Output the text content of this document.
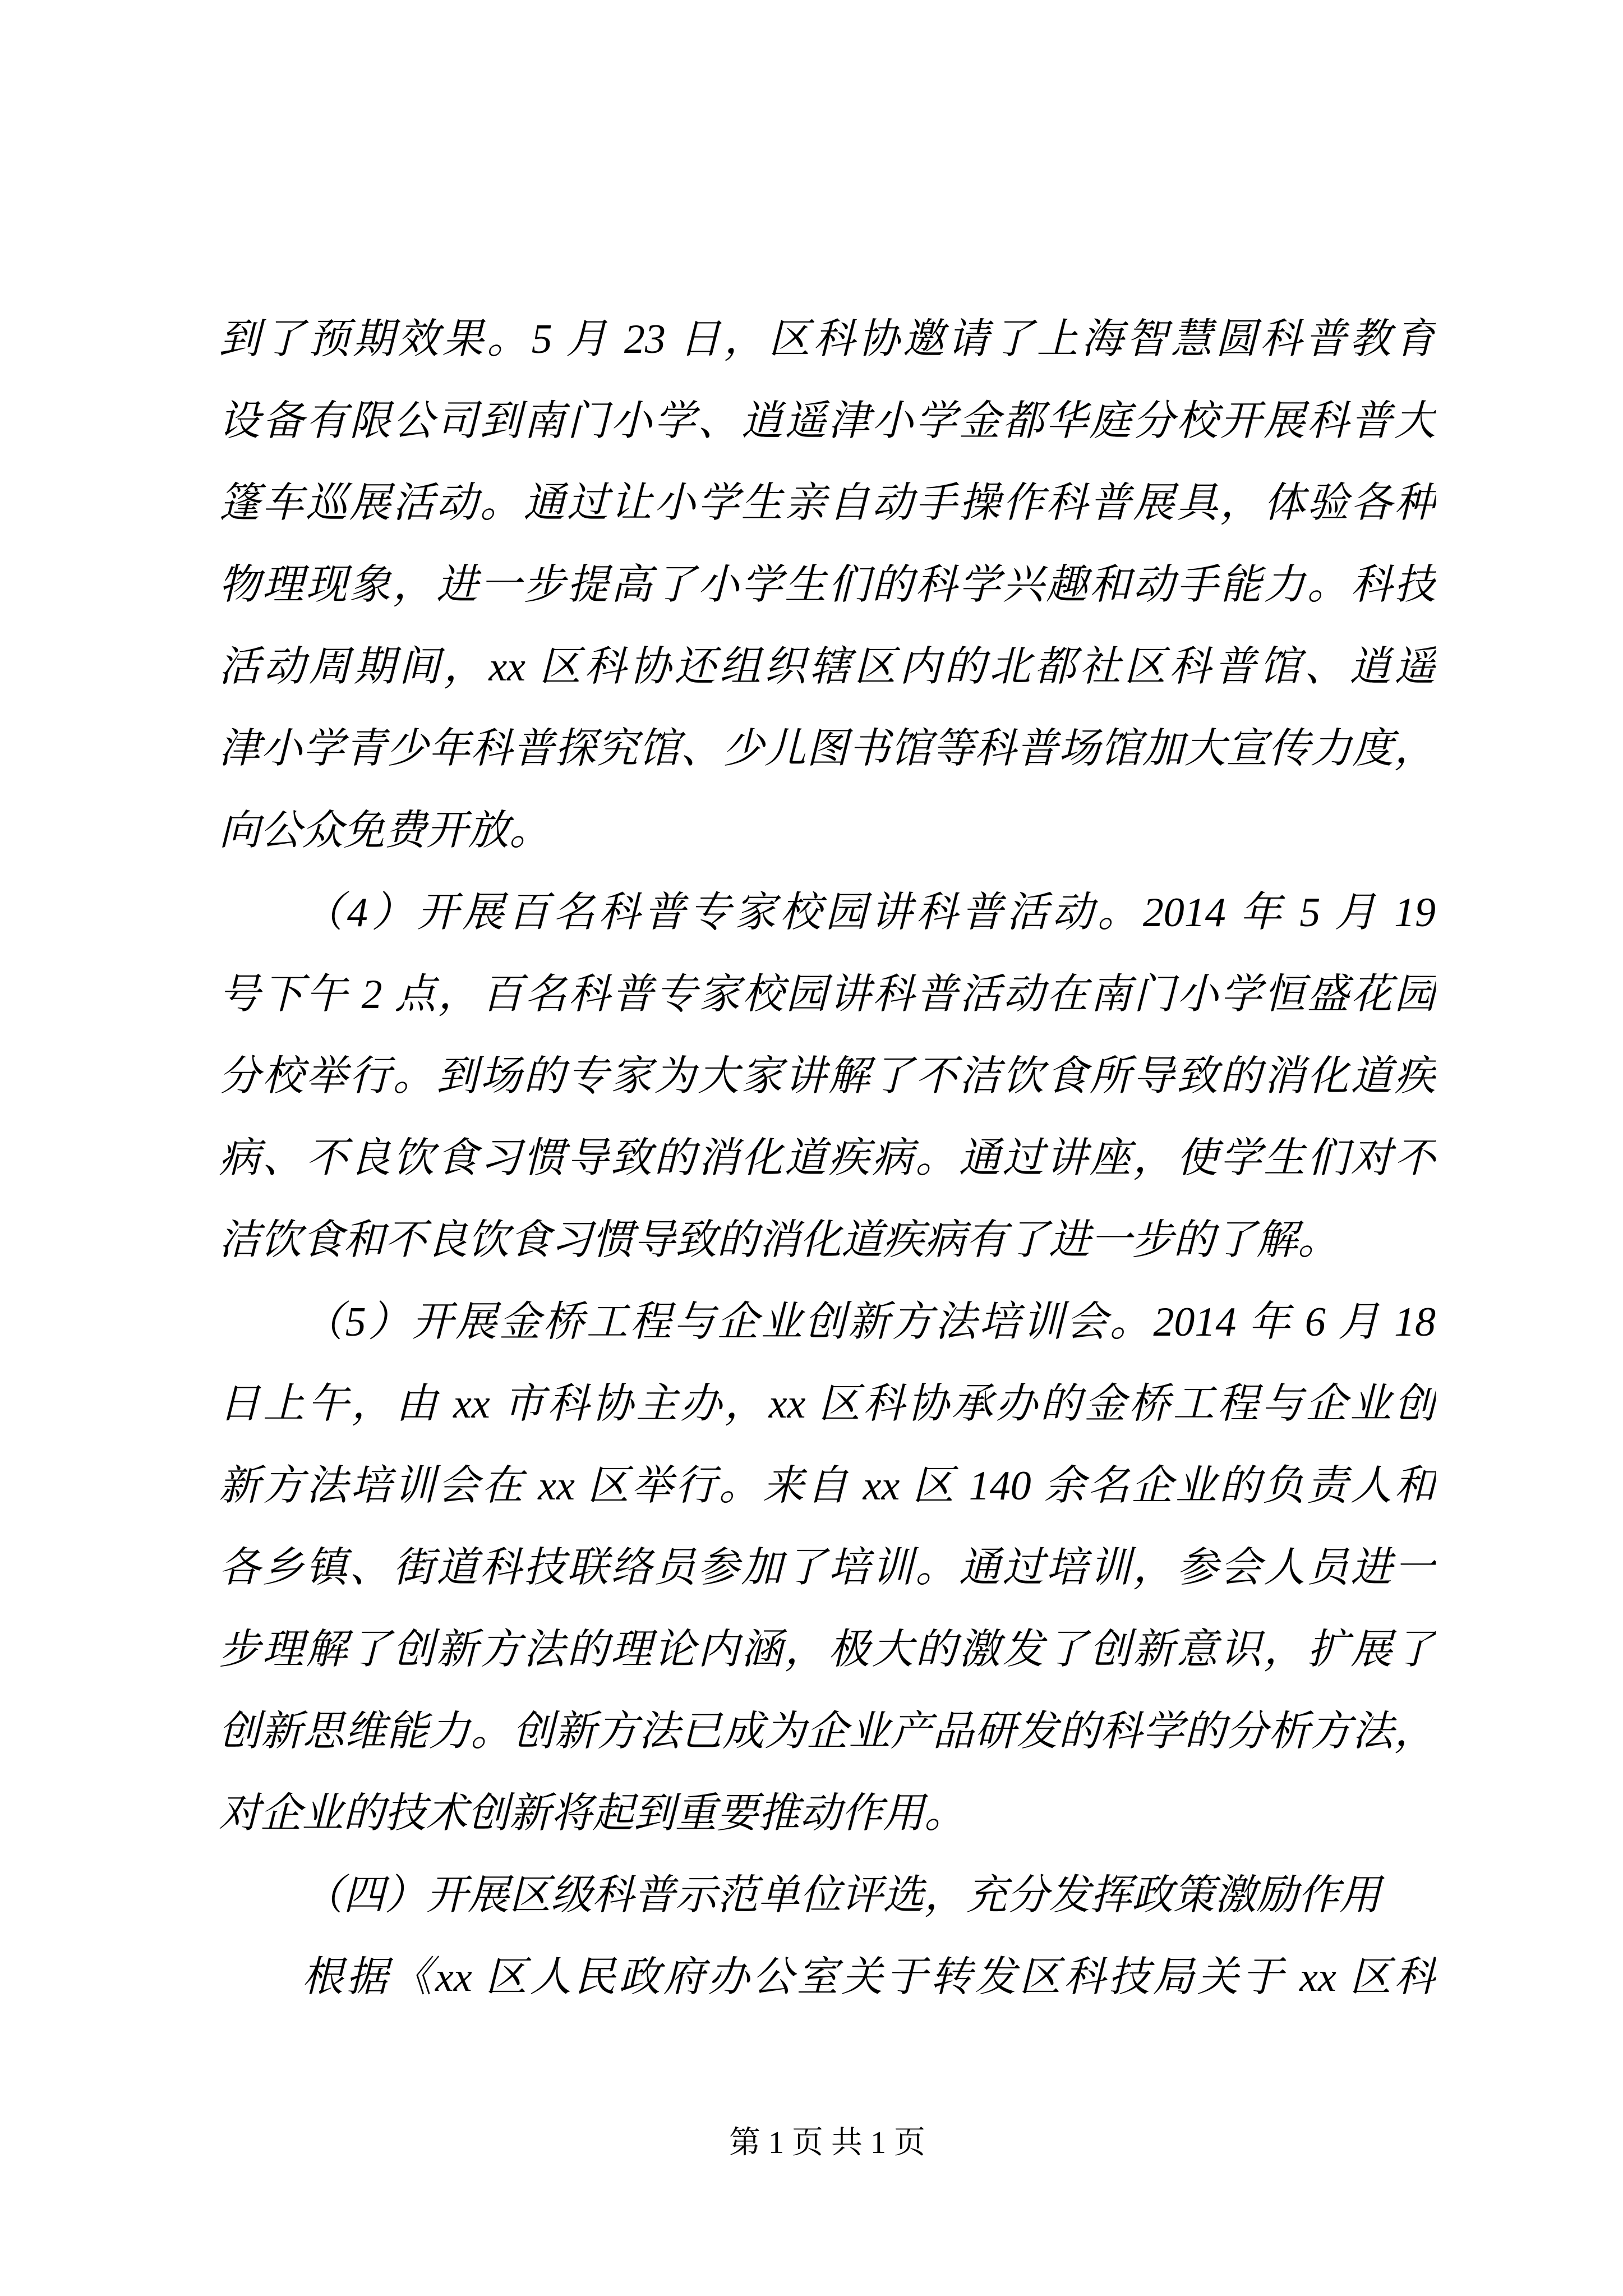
到了预期效果。5 月 23 日，区科协邀请了上海智慧圆科普教育
设备有限公司到南门小学、逍遥津小学金都华庭分校开展科普大
篷车巡展活动。通过让小学生亲自动手操作科普展具，体验各种
物理现象，进一步提高了小学生们的科学兴趣和动手能力。科技
活动周期间，xx 区科协还组织辖区内的北都社区科普馆、逍遥
津小学青少年科普探究馆、少儿图书馆等科普场馆加大宣传力度，
向公众免费开放。
（4）开展百名科普专家校园讲科普活动。2014 年 5 月 19
号下午 2 点，百名科普专家校园讲科普活动在南门小学恒盛花园
分校举行。到场的专家为大家讲解了不洁饮食所导致的消化道疾
病、不良饮食习惯导致的消化道疾病。通过讲座，使学生们对不
洁饮食和不良饮食习惯导致的消化道疾病有了进一步的了解。
（5）开展金桥工程与企业创新方法培训会。2014 年 6 月 18
日上午，由 xx 市科协主办，xx 区科协承办的金桥工程与企业创
新方法培训会在 xx 区举行。来自 xx 区 140 余名企业的负责人和
各乡镇、街道科技联络员参加了培训。通过培训，参会人员进一
步理解了创新方法的理论内涵，极大的激发了创新意识，扩展了
创新思维能力。创新方法已成为企业产品研发的科学的分析方法，
对企业的技术创新将起到重要推动作用。
（四）开展区级科普示范单位评选，充分发挥政策激励作用
根据《xx 区人民政府办公室关于转发区科技局关于 xx 区科
第 1 页 共 1 页
